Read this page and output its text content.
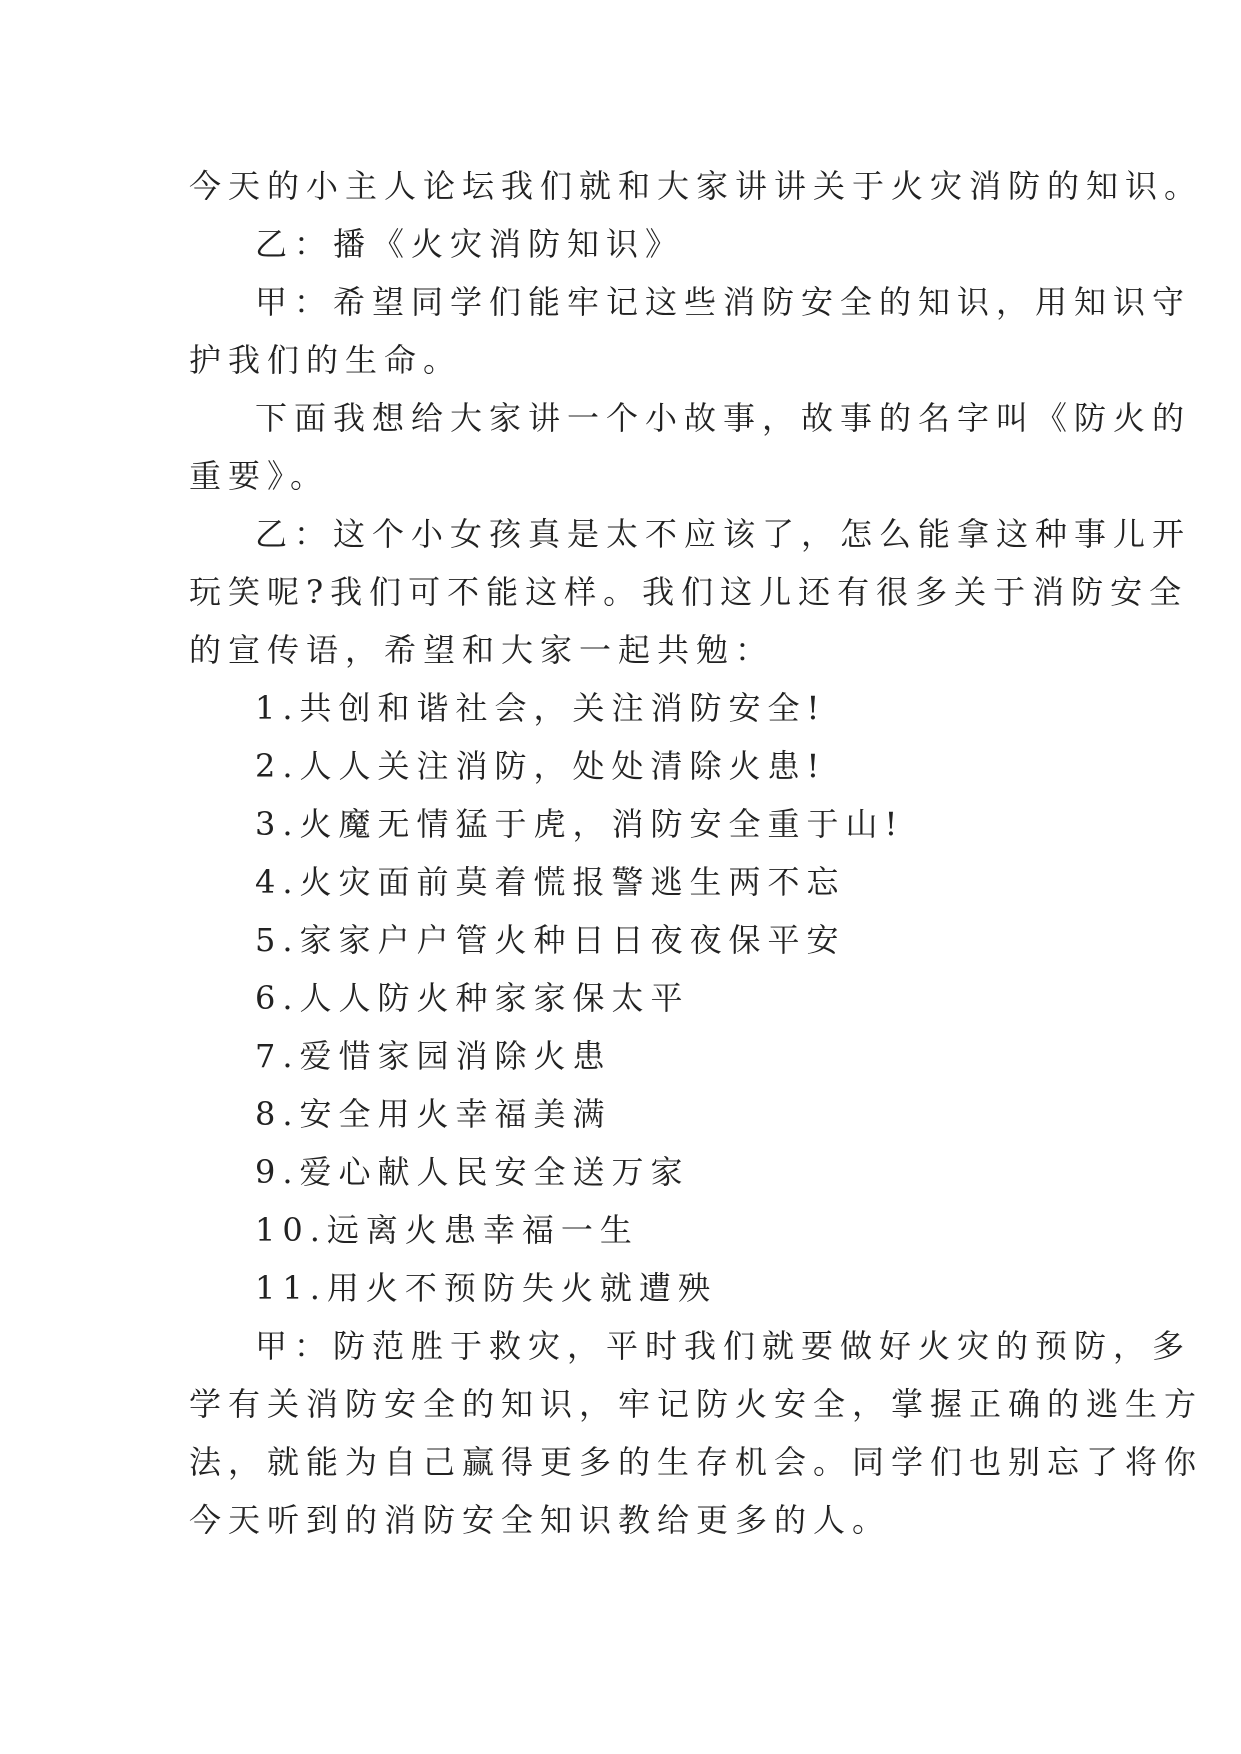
今天的小主人论坛我们就和大家讲讲关于火灾消防的知识。

乙：播《火灾消防知识》

甲：希望同学们能牢记这些消防安全的知识，用知识守

护我们的生命。

下面我想给大家讲一个小故事，故事的名字叫《防火的

重要》。

乙：这个小女孩真是太不应该了，怎么能拿这种事儿开

玩笑呢?我们可不能这样。我们这儿还有很多关于消防安全

的宣传语，希望和大家一起共勉：

1.共创和谐社会，关注消防安全!

2.人人关注消防，处处清除火患!

3.火魔无情猛于虎，消防安全重于山!

4.火灾面前莫着慌报警逃生两不忘

5.家家户户管火种日日夜夜保平安

6.人人防火种家家保太平

7.爱惜家园消除火患

8.安全用火幸福美满

9.爱心献人民安全送万家

10.远离火患幸福一生

11.用火不预防失火就遭殃

甲：防范胜于救灾，平时我们就要做好火灾的预防，多

学有关消防安全的知识，牢记防火安全，掌握正确的逃生方

法，就能为自己赢得更多的生存机会。同学们也别忘了将你

今天听到的消防安全知识教给更多的人。
